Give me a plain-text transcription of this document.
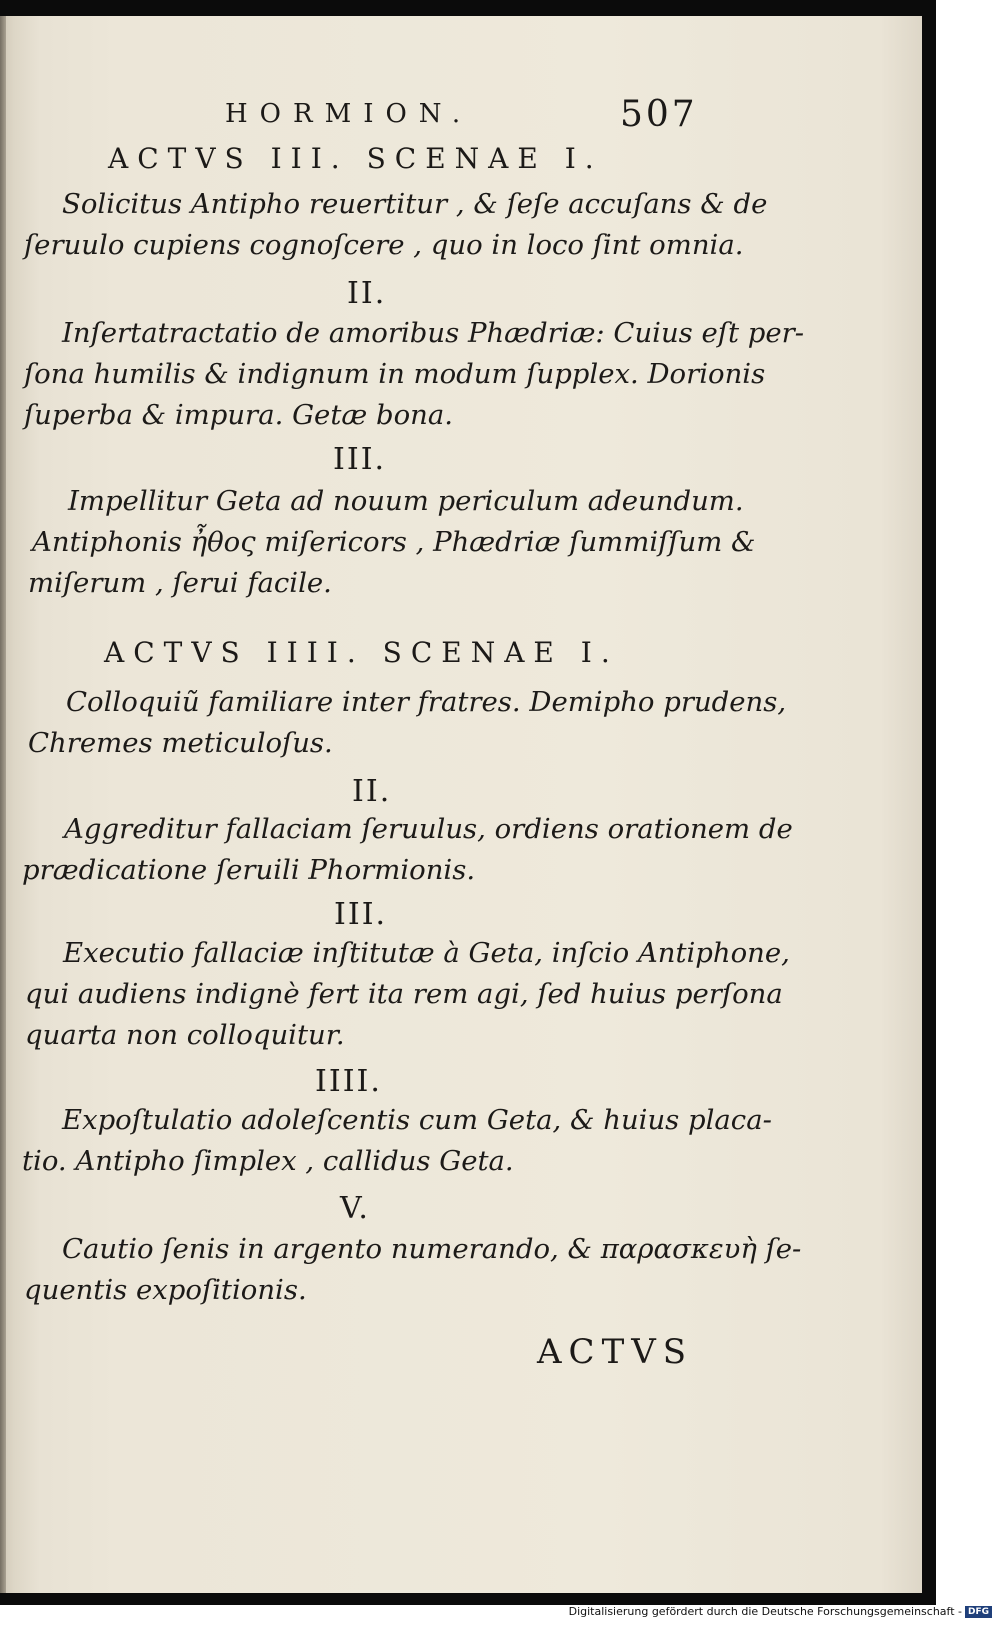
HORMION.	507
ACTVS III. SCENAE I.
Solicitus Antipho reuertitur , & ſeſe accuſans & de
ſeruulo cupiens cognoſcere , quo in loco ſint omnia.
II.
Inſertatractatio de amoribus Phædriæ: Cuius eſt per-
ſona humilis & indignum in modum ſupplex. Dorionis
ſuperba & impura. Getæ bona.
III.
Impellitur Geta ad nouum periculum adeundum.
Antiphonis ἦθος miſericors , Phædriæ ſummiſſum &
miſerum , ſerui facile.
ACTVS IIII. SCENAE I.
Colloquiũ familiare inter fratres. Demipho prudens,
Chremes meticuloſus.
II.
Aggreditur fallaciam ſeruulus, ordiens orationem de
prædicatione ſeruili Phormionis.
III.
Executio fallaciæ inſtitutæ à Geta, inſcio Antiphone,
qui audiens indignè fert ita rem agi, ſed huius perſona
quarta non colloquitur.
IIII.
Expoſtulatio adoleſcentis cum Geta, & huius placa-
tio. Antipho ſimplex , callidus Geta.
V.
Cautio ſenis in argento numerando, & παρασκευὴ ſe-
quentis expoſitionis.
ACTVS
Digitalisierung gefördert durch die Deutsche Forschungsgemeinschaft - DFG
